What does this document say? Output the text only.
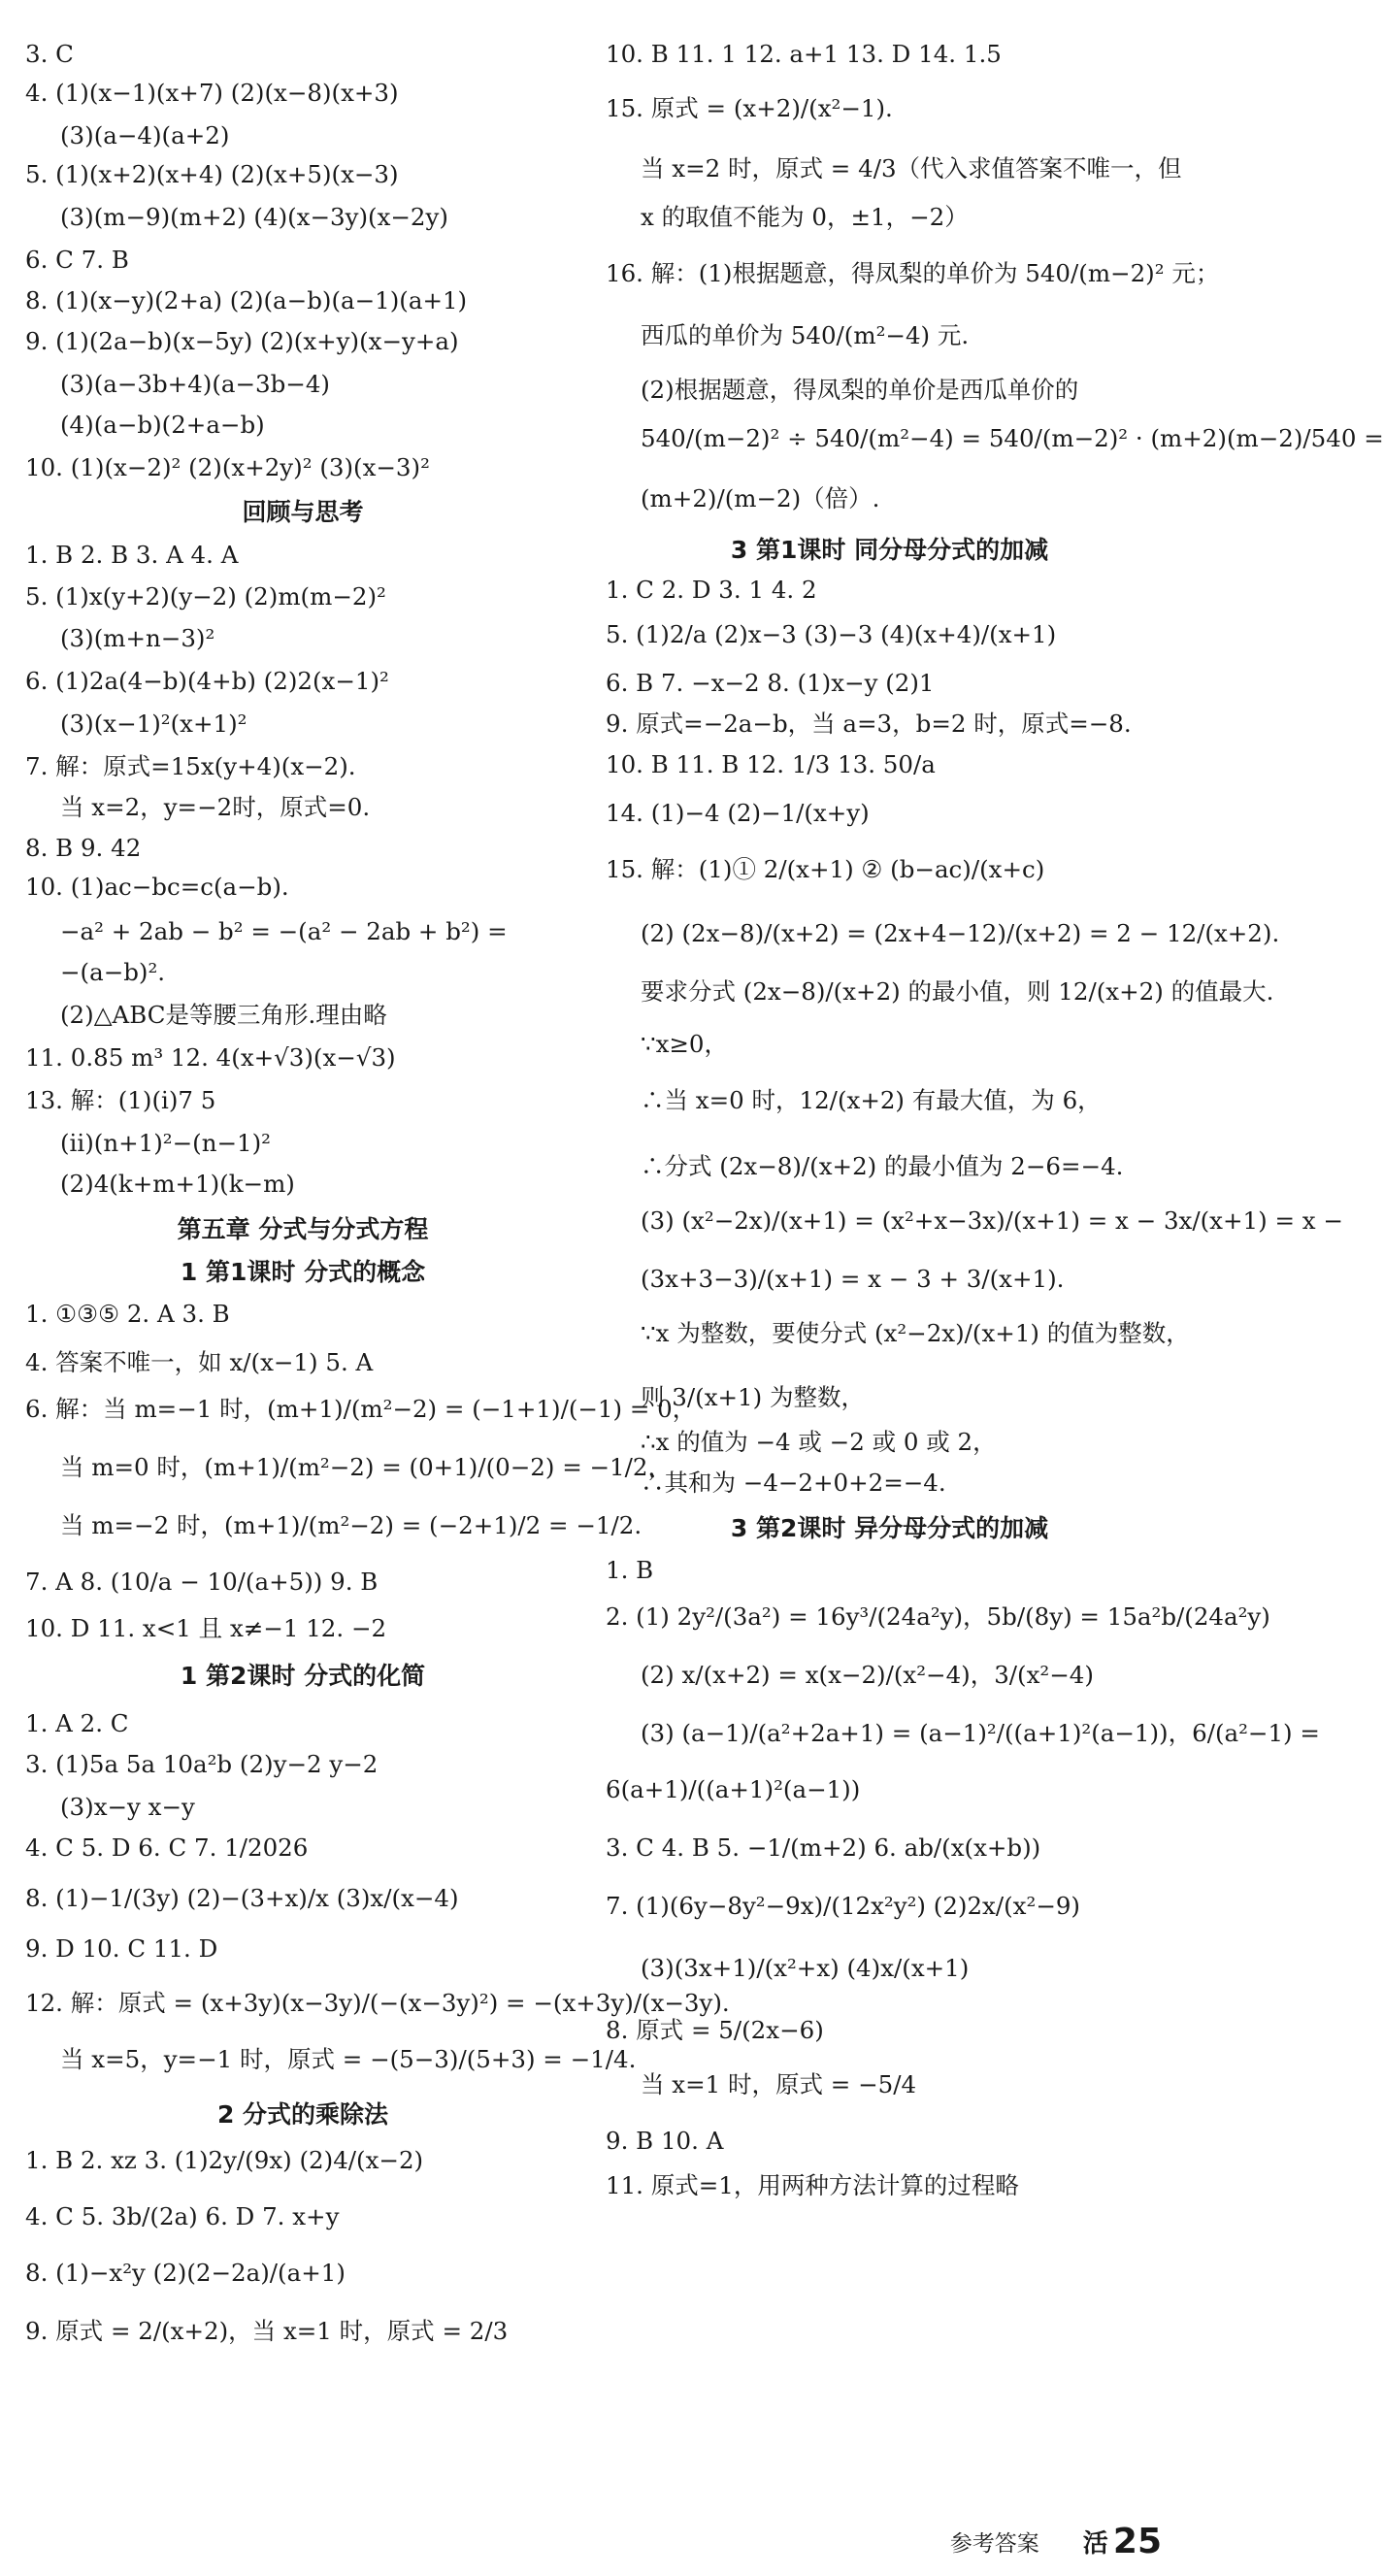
3. C
4. (1)(x−1)(x+7) (2)(x−8)(x+3)
(3)(a−4)(a+2)
5. (1)(x+2)(x+4) (2)(x+5)(x−3)
(3)(m−9)(m+2) (4)(x−3y)(x−2y)
6. C 7. B
8. (1)(x−y)(2+a) (2)(a−b)(a−1)(a+1)
9. (1)(2a−b)(x−5y) (2)(x+y)(x−y+a)
(3)(a−3b+4)(a−3b−4)
(4)(a−b)(2+a−b)
10. (1)(x−2)² (2)(x+2y)² (3)(x−3)²
回顾与思考
1. B 2. B 3. A 4. A
5. (1)x(y+2)(y−2) (2)m(m−2)²
(3)(m+n−3)²
6. (1)2a(4−b)(4+b) (2)2(x−1)²
(3)(x−1)²(x+1)²
7. 解：原式=15x(y+4)(x−2).
当 x=2，y=−2时，原式=0.
8. B 9. 42
10. (1)ac−bc=c(a−b).
−a² + 2ab − b² = −(a² − 2ab + b²) =
−(a−b)².
(2)△ABC是等腰三角形.理由略
11. 0.85 m³ 12. 4(x+√3)(x−√3)
13. 解：(1)(i)7 5
(ii)(n+1)²−(n−1)²
(2)4(k+m+1)(k−m)
第五章 分式与分式方程
1 第1课时 分式的概念
1. ①③⑤ 2. A 3. B
4. 答案不唯一，如 x/(x−1) 5. A
6. 解：当 m=−1 时，(m+1)/(m²−2) = (−1+1)/(−1) = 0，
当 m=0 时，(m+1)/(m²−2) = (0+1)/(0−2) = −1/2，
当 m=−2 时，(m+1)/(m²−2) = (−2+1)/2 = −1/2.
7. A 8. (10/a − 10/(a+5)) 9. B
10. D 11. x<1 且 x≠−1 12. −2
1 第2课时 分式的化简
1. A 2. C
3. (1)5a 5a 10a²b (2)y−2 y−2
(3)x−y x−y
4. C 5. D 6. C 7. 1/2026
8. (1)−1/(3y) (2)−(3+x)/x (3)x/(x−4)
9. D 10. C 11. D
12. 解：原式 = (x+3y)(x−3y)/(−(x−3y)²) = −(x+3y)/(x−3y).
当 x=5，y=−1 时，原式 = −(5−3)/(5+3) = −1/4.
2 分式的乘除法
1. B 2. xz 3. (1)2y/(9x) (2)4/(x−2)
4. C 5. 3b/(2a) 6. D 7. x+y
8. (1)−x²y (2)(2−2a)/(a+1)
9. 原式 = 2/(x+2)，当 x=1 时，原式 = 2/3
10. B 11. 1 12. a+1 13. D 14. 1.5
15. 原式 = (x+2)/(x²−1).
当 x=2 时，原式 = 4/3（代入求值答案不唯一，但
x 的取值不能为 0，±1，−2）
16. 解：(1)根据题意，得凤梨的单价为 540/(m−2)² 元；
西瓜的单价为 540/(m²−4) 元.
(2)根据题意，得凤梨的单价是西瓜单价的
540/(m−2)² ÷ 540/(m²−4) = 540/(m−2)² · (m+2)(m−2)/540 =
(m+2)/(m−2)（倍）.
3 第1课时 同分母分式的加减
1. C 2. D 3. 1 4. 2
5. (1)2/a (2)x−3 (3)−3 (4)(x+4)/(x+1)
6. B 7. −x−2 8. (1)x−y (2)1
9. 原式=−2a−b，当 a=3，b=2 时，原式=−8.
10. B 11. B 12. 1/3 13. 50/a
14. (1)−4 (2)−1/(x+y)
15. 解：(1)① 2/(x+1) ② (b−ac)/(x+c)
(2) (2x−8)/(x+2) = (2x+4−12)/(x+2) = 2 − 12/(x+2).
要求分式 (2x−8)/(x+2) 的最小值，则 12/(x+2) 的值最大.
∵x≥0，
∴当 x=0 时，12/(x+2) 有最大值，为 6，
∴分式 (2x−8)/(x+2) 的最小值为 2−6=−4.
(3) (x²−2x)/(x+1) = (x²+x−3x)/(x+1) = x − 3x/(x+1) = x −
(3x+3−3)/(x+1) = x − 3 + 3/(x+1).
∵x 为整数，要使分式 (x²−2x)/(x+1) 的值为整数，
则 3/(x+1) 为整数，
∴x 的值为 −4 或 −2 或 0 或 2，
∴其和为 −4−2+0+2=−4.
3 第2课时 异分母分式的加减
1. B
2. (1) 2y²/(3a²) = 16y³/(24a²y)，5b/(8y) = 15a²b/(24a²y)
(2) x/(x+2) = x(x−2)/(x²−4)，3/(x²−4)
(3) (a−1)/(a²+2a+1) = (a−1)²/((a+1)²(a−1))，6/(a²−1) =
6(a+1)/((a+1)²(a−1))
3. C 4. B 5. −1/(m+2) 6. ab/(x(x+b))
7. (1)(6y−8y²−9x)/(12x²y²) (2)2x/(x²−9)
(3)(3x+1)/(x²+x) (4)x/(x+1)
8. 原式 = 5/(2x−6)
当 x=1 时，原式 = −5/4
9. B 10. A
11. 原式=1，用两种方法计算的过程略
参考答案 活 25
